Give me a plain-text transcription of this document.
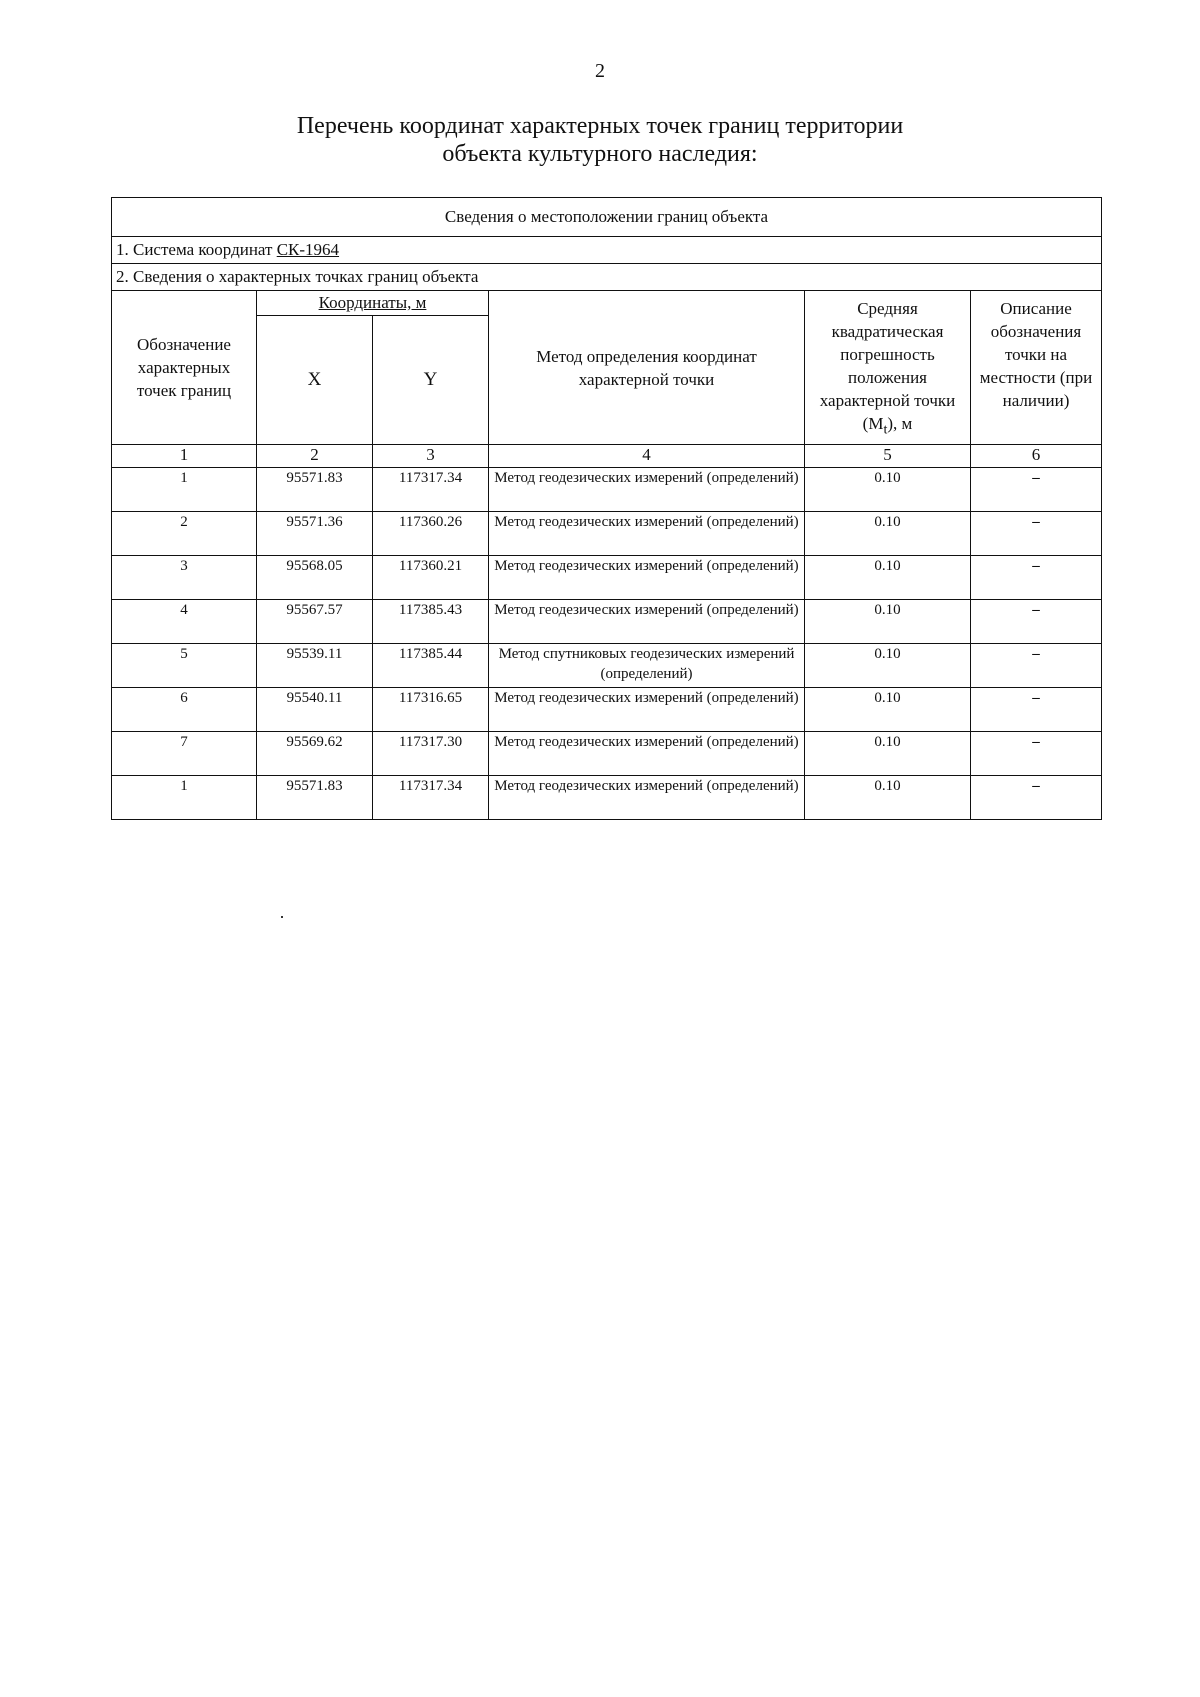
2
Перечень координат характерных точек границ территории
объекта культурного наследия:
Сведения о местоположении границ объекта					
1. Система координат СК-1964					
2. Сведения о характерных точках границ объекта					
Обозначение характерных точек границ	Координаты, м		Метод определения координат характерной точки	Средняя квадратическая погрешность положения характерной точки $(M_t)$, м	Описание обозначения точки на местности (при наличии)
	X	Y			
1	2	3	4	5	6
1	95571.83	117317.34	Метод геодезических измерений (определений)	0.10	–
2	95571.36	117360.26	Метод геодезических измерений (определений)	0.10	–
3	95568.05	117360.21	Метод геодезических измерений (определений)	0.10	–
4	95567.57	117385.43	Метод геодезических измерений (определений)	0.10	–
5	95539.11	117385.44	Метод спутниковых геодезических измерений (определений)	0.10	–
6	95540.11	117316.65	Метод геодезических измерений (определений)	0.10	–
7	95569.62	117317.30	Метод геодезических измерений (определений)	0.10	–
1	95571.83	117317.34	Метод геодезических измерений (определений)	0.10	–
